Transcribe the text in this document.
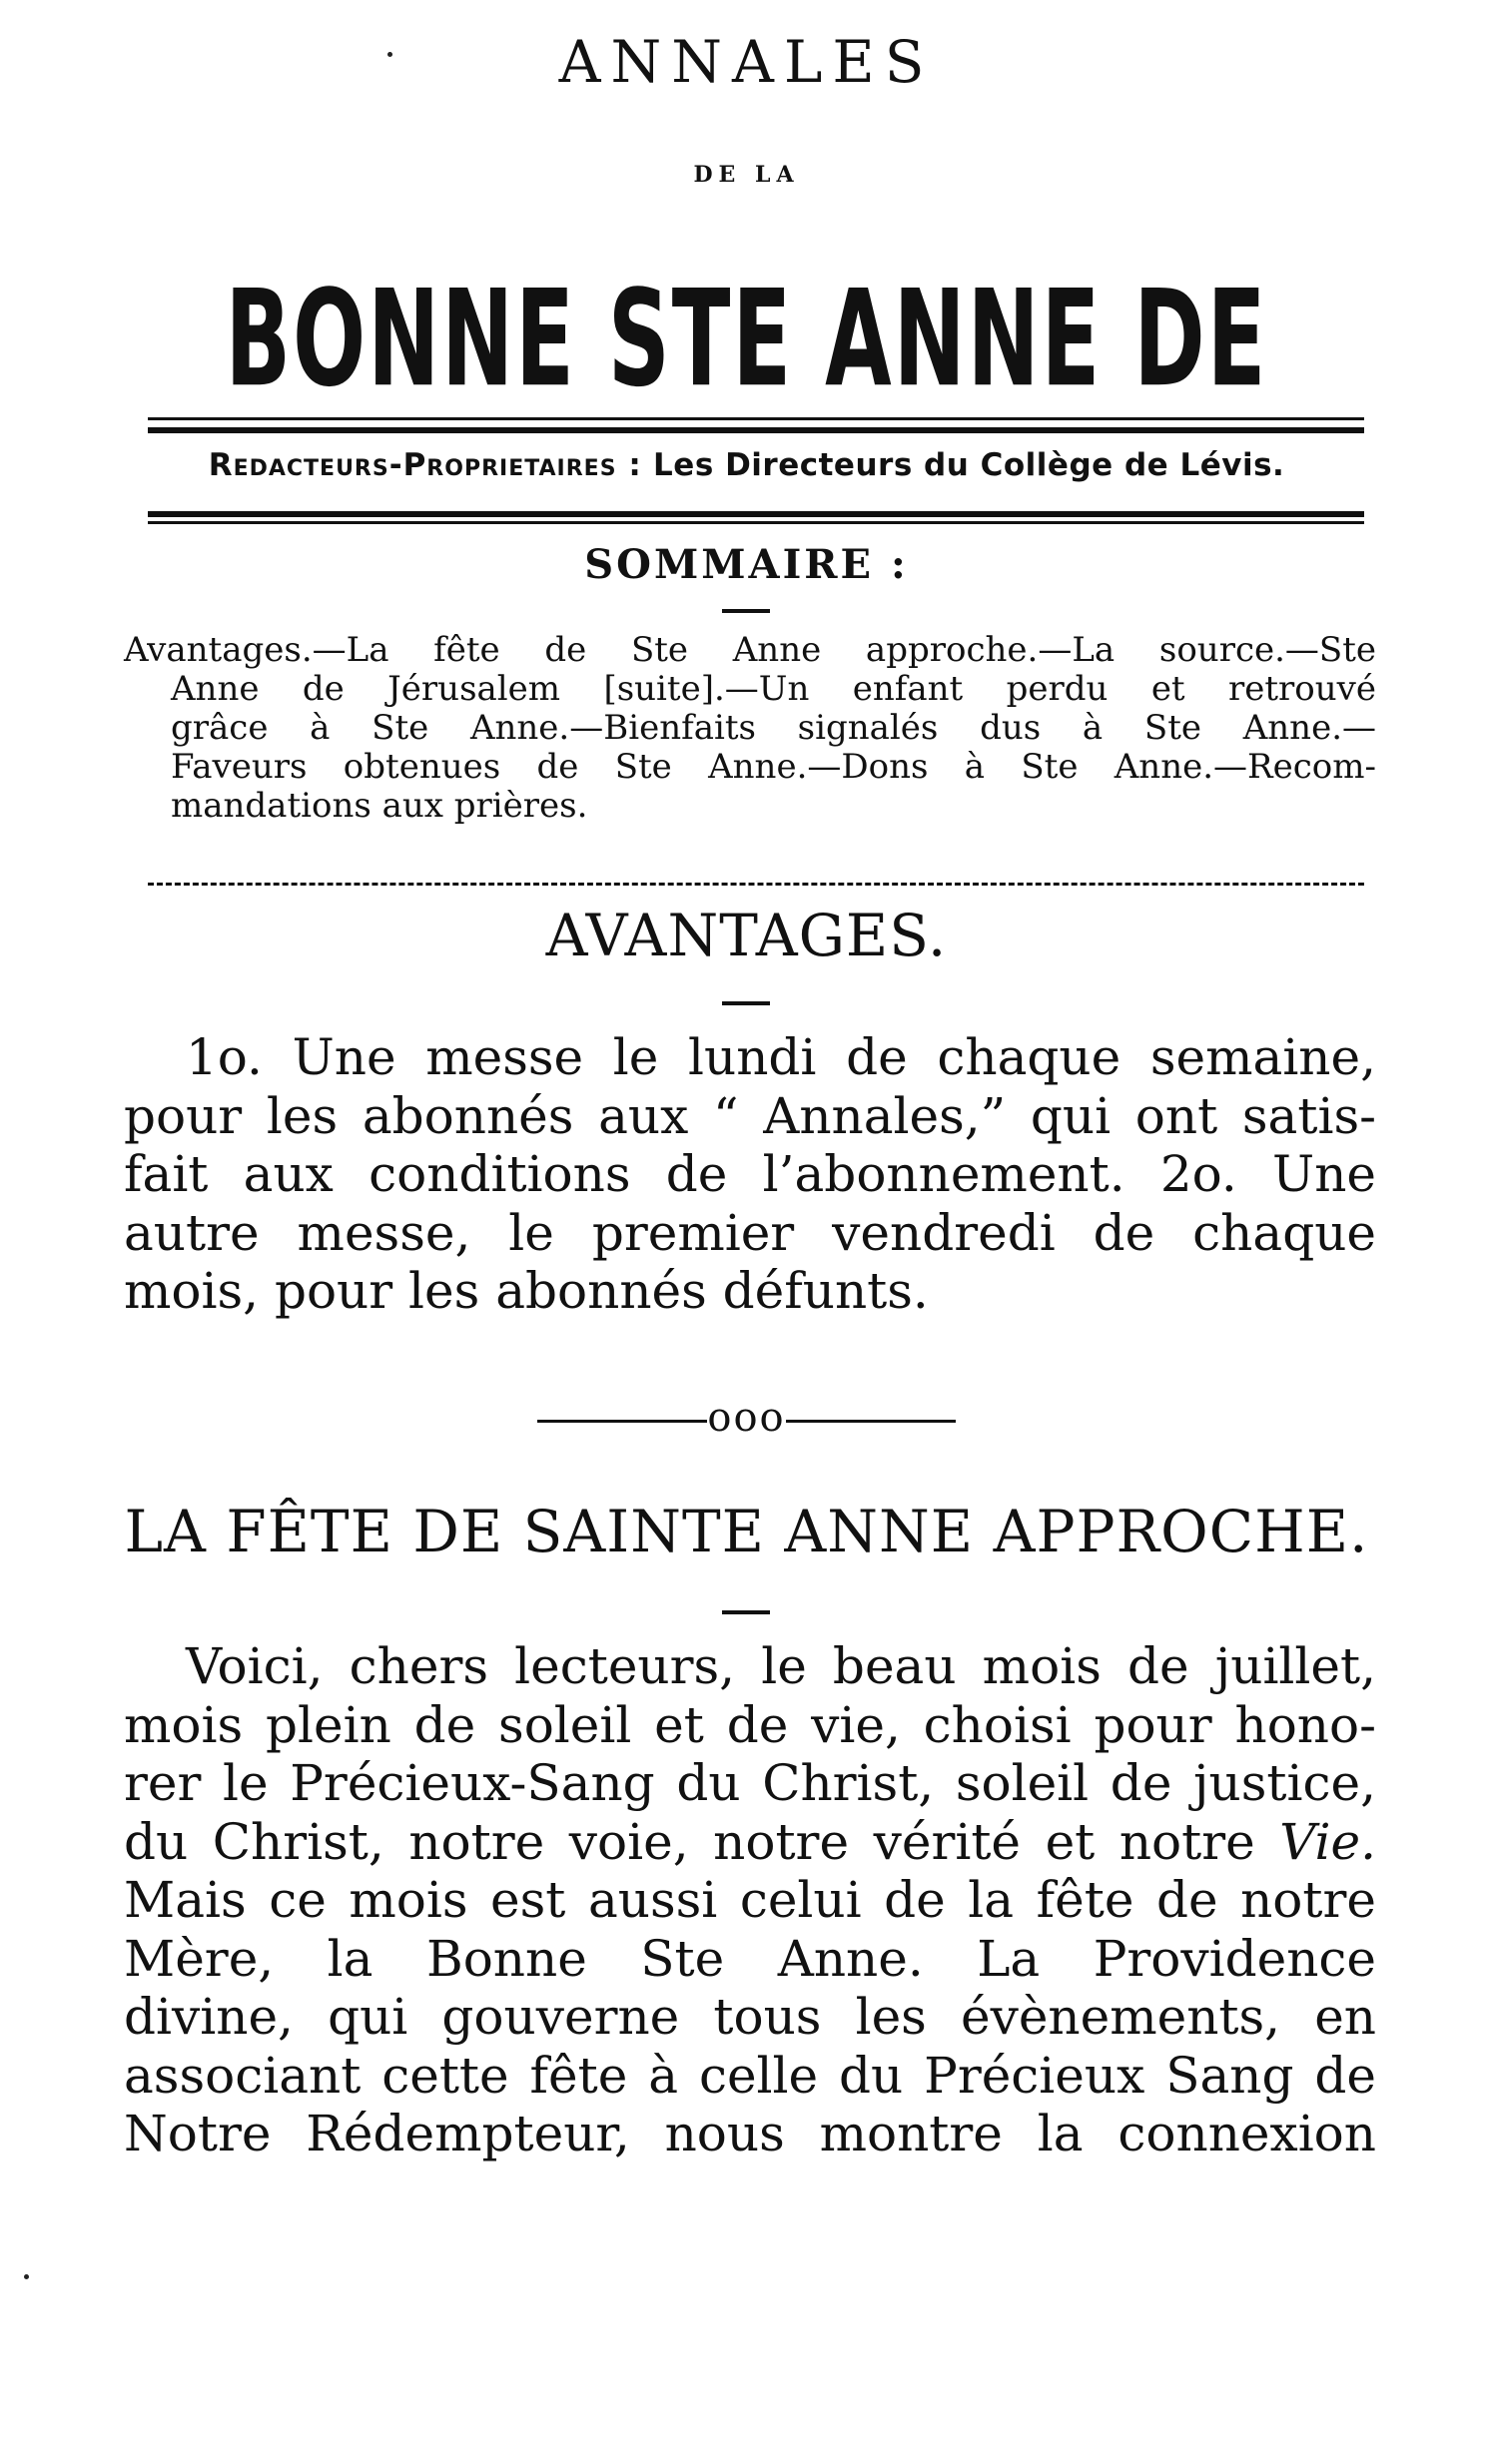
ANNALES
DE LA
BONNE STE ANNE DE
Redacteurs-Proprietaires : Les Directeurs du Collège de Lévis.
SOMMAIRE :
Avantages.—La fête de Ste Anne approche.—La source.—Ste
Anne de Jérusalem [suite].—Un enfant perdu et retrouvé
grâce à Ste Anne.—Bienfaits signalés dus à Ste Anne.—
Faveurs obtenues de Ste Anne.—Dons à Ste Anne.—Recom-
mandations aux prières.
AVANTAGES.
1o. Une messe le lundi de chaque semaine,
pour les abonnés aux “ Annales,” qui ont satis-
fait aux conditions de l’abonnement. 2o. Une
autre messe, le premier vendredi de chaque
mois, pour les abonnés défunts.
ooo
LA FÊTE DE SAINTE ANNE APPROCHE.
Voici, chers lecteurs, le beau mois de juillet,
mois plein de soleil et de vie, choisi pour hono-
rer le Précieux-Sang du Christ, soleil de justice,
du Christ, notre voie, notre vérité et notre Vie.
Mais ce mois est aussi celui de la fête de notre
Mère, la Bonne Ste Anne. La Providence
divine, qui gouverne tous les évènements, en
associant cette fête à celle du Précieux Sang de
Notre Rédempteur, nous montre la connexion
